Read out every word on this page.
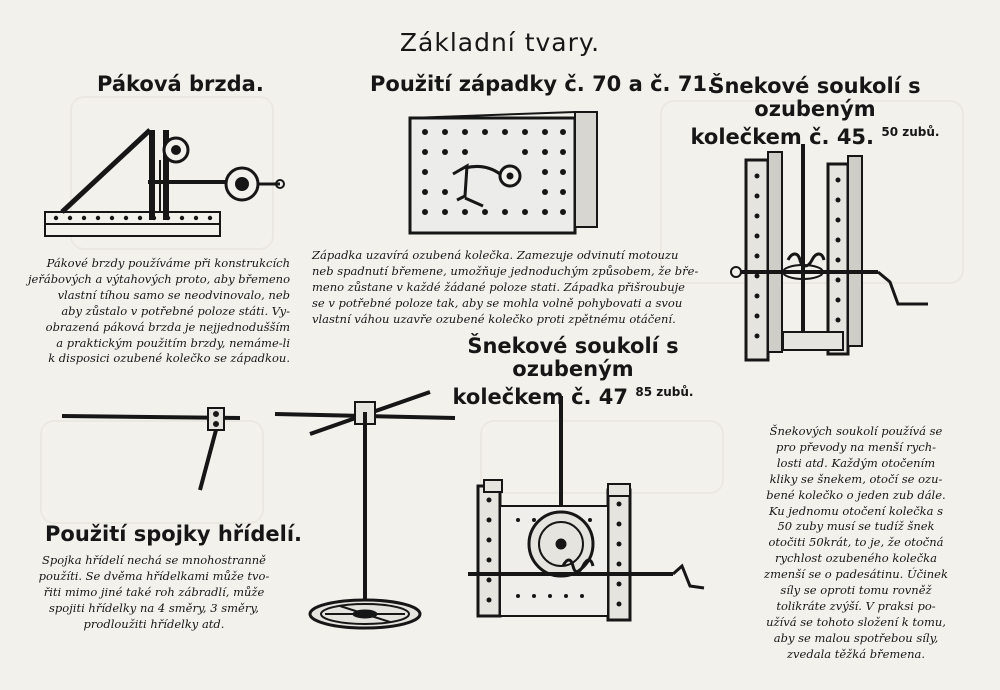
Základní tvary.
Páková brzda.	Použití západky č. 70 a č. 71.
Šnekové soukolí s ozubeným
kolečkem č. 45. $^{50 zubů.}$
Šnekové soukolí s ozubeným
kolečkem č. 47 $^{85 zubů.}$
Použití spojky hřídelí.
Pákové brzdy používáme při konstrukcích
jeřábových a výtahových proto, aby břemeno
vlastní tíhou samo se neodvinovalo, neb
aby zůstalo v potřebné poloze státi. Vy-
obrazená páková brzda je nejjednodušším
a praktickým použitím brzdy, nemáme-li
k disposici ozubené kolečko se západkou.
Západka uzavírá ozubená kolečka. Zamezuje odvinutí motouzu
neb spadnutí břemene, umožňuje jednoduchým způsobem, že bře-
meno zůstane v každé žádané poloze stati. Západka přišroubuje
se v potřebné poloze tak, aby se mohla volně pohybovati a svou
vlastní váhou uzavře ozubené kolečko proti zpětnému otáčení.
Šnekových soukolí používá se
pro převody na menší rych-
losti atd. Každým otočením
kliky se šnekem, otočí se ozu-
bené kolečko o jeden zub dále.
Ku jednomu otočení kolečka s
50 zuby musí se tudíž šnek
otočiti 50krát, to je, že otočná
rychlost ozubeného kolečka
zmenší se o padesátinu. Účinek
síly se oproti tomu rovněž
tolikráte zvýší. V praksi po-
užívá se tohoto složení k tomu,
aby se malou spotřebou síly,
zvedala těžká břemena.
Spojka hřídelí nechá se mnohostranně
použíti. Se dvěma hřídelkami může tvo-
řiti mimo jiné také roh zábradlí, může
spojiti hřídelky na 4 směry, 3 směry,
prodloužiti hřídelky atd.
